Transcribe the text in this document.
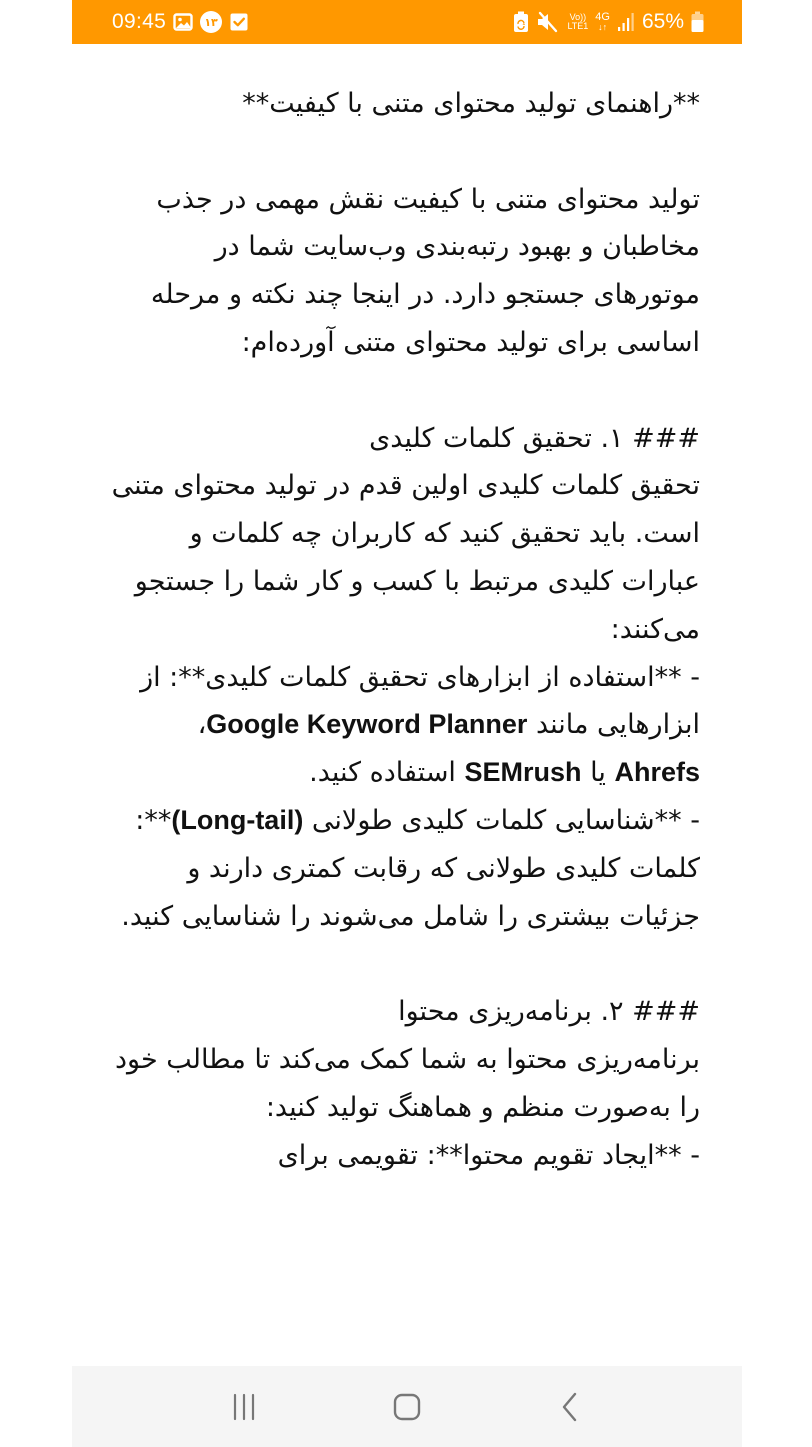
09:45	۱۳	Vo))
LTE1
4G
↓↑ 65%

**راهنمای تولید محتوای متنی با کیفیت**

تولید محتوای متنی با کیفیت نقش مهمی در جذب مخاطبان و بهبود رتبه‌بندی وب‌سایت شما در موتورهای جستجو دارد. در اینجا چند نکته و مرحله اساسی برای تولید محتوای متنی آورده‌ام:

### ۱. تحقیق کلمات کلیدی

تحقیق کلمات کلیدی اولین قدم در تولید محتوای متنی است. باید تحقیق کنید که کاربران چه کلمات و عبارات کلیدی مرتبط با کسب و کار شما را جستجو می‌کنند:

- **استفاده از ابزارهای تحقیق کلمات کلیدی**: از ابزارهایی مانند Google Keyword Planner، Ahrefs یا SEMrush استفاده کنید.

- **شناسایی کلمات کلیدی طولانی (Long-tail)**: کلمات کلیدی طولانی که رقابت کمتری دارند و جزئیات بیشتری را شامل می‌شوند را شناسایی کنید.

### ۲. برنامه‌ریزی محتوا

برنامه‌ریزی محتوا به شما کمک می‌کند تا مطالب خود را به‌صورت منظم و هماهنگ تولید کنید:

- **ایجاد تقویم محتوا**: تقویمی برای
